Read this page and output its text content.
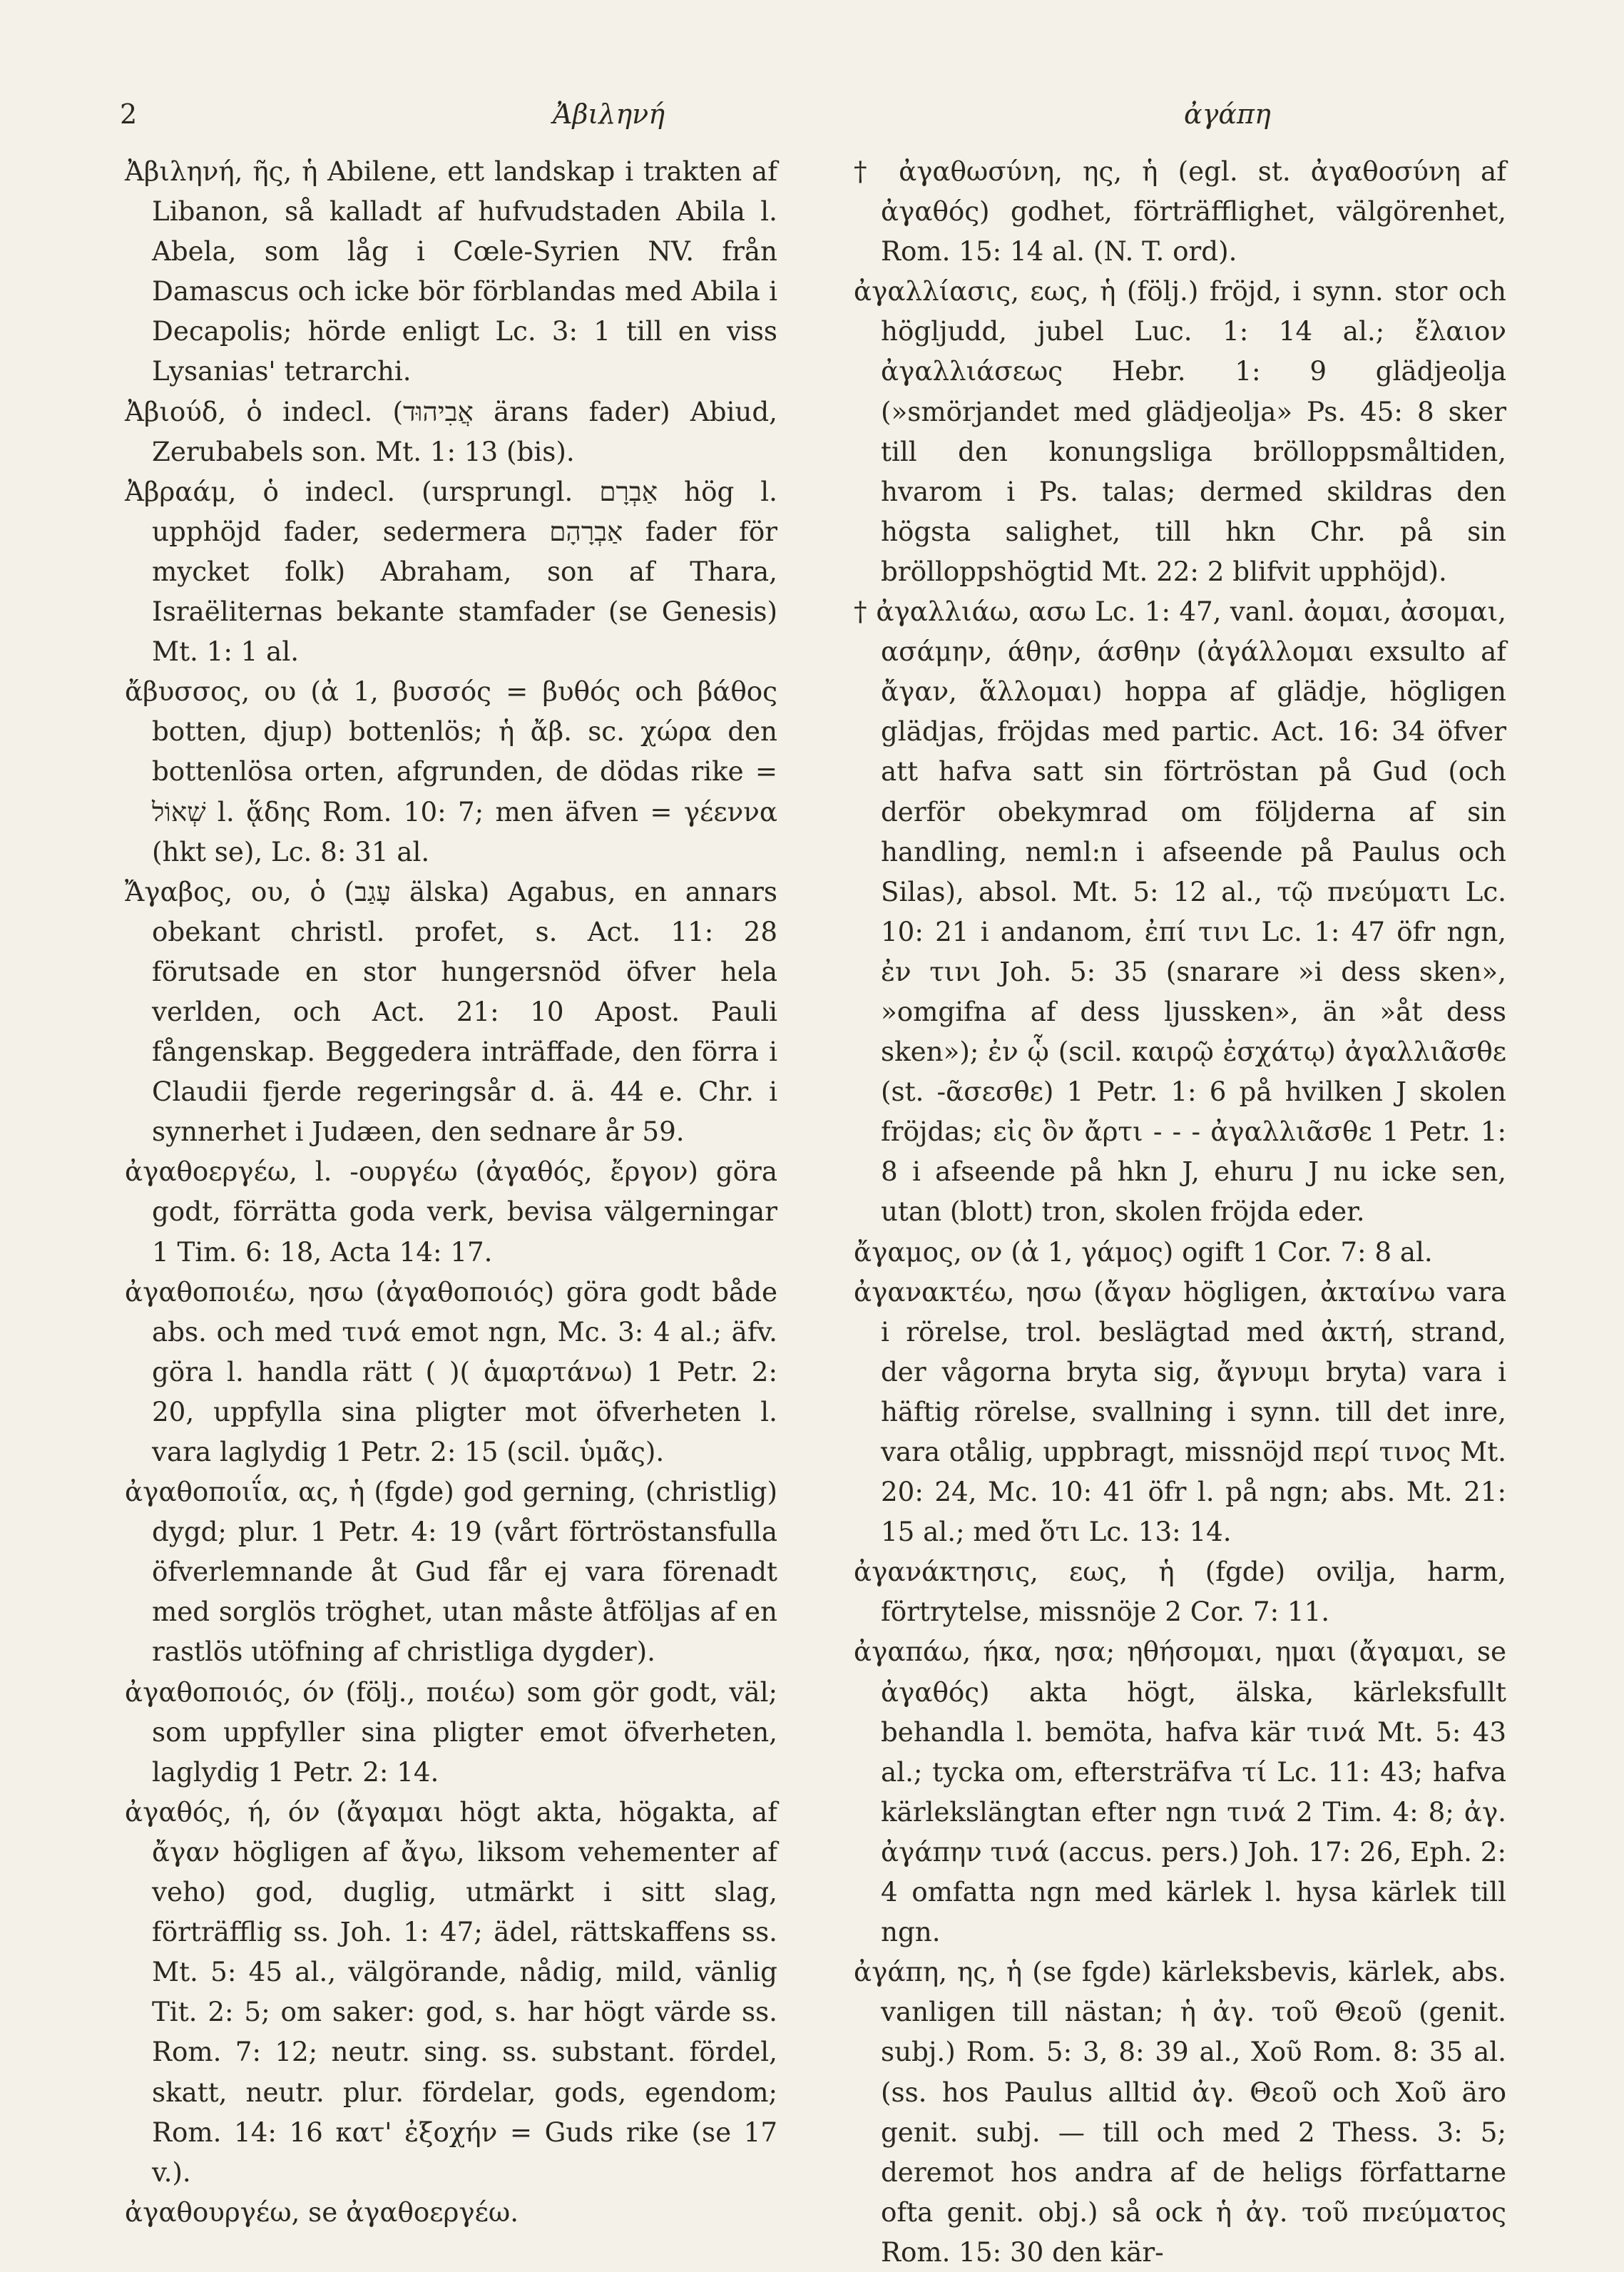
2	Ἀβιληνή	ἀγάπη

Ἀβιληνή, ῆς, ἡ Abilene, ett landskap i trakten af Libanon, så kalladt af hufvudstaden Abila l. Abela, som låg i Cœle-Syrien NV. från Damascus och icke bör förblandas med Abila i Decapolis; hörde enligt Lc. 3: 1 till en viss Lysanias' tetrarchi.

Ἀβιούδ, ὁ indecl. (אֲבִיהוּד ärans fader) Abiud, Zerubabels son. Mt. 1: 13 (bis).

Ἀβραάμ, ὁ indecl. (ursprungl. אַבְרָם hög l. upphöjd fader, sedermera אַבְרָהָם fader för mycket folk) Abraham, son af Thara, Israëliternas bekante stamfader (se Genesis) Mt. 1: 1 al.

ἄβυσσος, ου (ἀ 1, βυσσός = βυθός och βάθος botten, djup) bottenlös; ἡ ἄβ. sc. χώρα den bottenlösa orten, afgrunden, de dödas rike = שְׁאוֹל l. ᾅδης Rom. 10: 7; men äfven = γέεννα (hkt se), Lc. 8: 31 al.

Ἄγαβος, ου, ὁ (עָגַב älska) Agabus, en annars obekant christl. profet, s. Act. 11: 28 förutsade en stor hungersnöd öfver hela verlden, och Act. 21: 10 Apost. Pauli fångenskap. Beggedera inträffade, den förra i Claudii fjerde regeringsår d. ä. 44 e. Chr. i synnerhet i Judæen, den sednare år 59.

ἀγαθοεργέω, l. -ουργέω (ἀγαθός, ἔργον) göra godt, förrätta goda verk, bevisa välgerningar 1 Tim. 6: 18, Acta 14: 17.

ἀγαθοποιέω, ησω (ἀγαθοποιός) göra godt både abs. och med τινά emot ngn, Mc. 3: 4 al.; äfv. göra l. handla rätt ( )( ἁμαρτάνω) 1 Petr. 2: 20, uppfylla sina pligter mot öfverheten l. vara laglydig 1 Petr. 2: 15 (scil. ὑμᾶς).

ἀγαθοποιΐα, ας, ἡ (fgde) god gerning, (christlig) dygd; plur. 1 Petr. 4: 19 (vårt förtröstansfulla öfverlemnande åt Gud får ej vara förenadt med sorglös tröghet, utan måste åtföljas af en rastlös utöfning af christliga dygder).

ἀγαθοποιός, όν (följ., ποιέω) som gör godt, väl; som uppfyller sina pligter emot öfverheten, laglydig 1 Petr. 2: 14.

ἀγαθός, ή, όν (ἄγαμαι högt akta, högakta, af ἄγαν högligen af ἄγω, liksom vehementer af veho) god, duglig, utmärkt i sitt slag, förträfflig ss. Joh. 1: 47; ädel, rättskaffens ss. Mt. 5: 45 al., välgörande, nådig, mild, vänlig Tit. 2: 5; om saker: god, s. har högt värde ss. Rom. 7: 12; neutr. sing. ss. substant. fördel, skatt, neutr. plur. fördelar, gods, egendom; Rom. 14: 16 κατ' ἐξοχήν = Guds rike (se 17 v.).

ἀγαθουργέω, se ἀγαθοεργέω.

† ἀγαθωσύνη, ης, ἡ (egl. st. ἀγαθοσύνη af ἀγαθός) godhet, förträfflighet, välgörenhet, Rom. 15: 14 al. (N. T. ord).

ἀγαλλίασις, εως, ἡ (följ.) fröjd, i synn. stor och högljudd, jubel Luc. 1: 14 al.; ἔλαιον ἀγαλλιάσεως Hebr. 1: 9 glädjeolja (»smörjandet med glädjeolja» Ps. 45: 8 sker till den konungsliga brölloppsmåltiden, hvarom i Ps. talas; dermed skildras den högsta salighet, till hkn Chr. på sin brölloppshögtid Mt. 22: 2 blifvit upphöjd).

† ἀγαλλιάω, ασω Lc. 1: 47, vanl. ἀομαι, ἀσομαι, ασάμην, άθην, άσθην (ἀγάλλομαι exsulto af ἄγαν, ἅλλομαι) hoppa af glädje, högligen glädjas, fröjdas med partic. Act. 16: 34 öfver att hafva satt sin förtröstan på Gud (och derför obekymrad om följderna af sin handling, neml:n i afseende på Paulus och Silas), absol. Mt. 5: 12 al., τῷ πνεύματι Lc. 10: 21 i andanom, ἐπί τινι Lc. 1: 47 öfr ngn, ἐν τινι Joh. 5: 35 (snarare »i dess sken», »omgifna af dess ljussken», än »åt dess sken»); ἐν ᾧ (scil. καιρῷ ἐσχάτῳ) ἀγαλλιᾶσθε (st. -ᾶσεσθε) 1 Petr. 1: 6 på hvilken J skolen fröjdas; εἰς ὃν ἄρτι - - - ἀγαλλιᾶσθε 1 Petr. 1: 8 i afseende på hkn J, ehuru J nu icke sen, utan (blott) tron, skolen fröjda eder.

ἄγαμος, ον (ἀ 1, γάμος) ogift 1 Cor. 7: 8 al.

ἀγανακτέω, ησω (ἄγαν högligen, ἀκταίνω vara i rörelse, trol. beslägtad med ἀκτή, strand, der vågorna bryta sig, ἄγνυμι bryta) vara i häftig rörelse, svallning i synn. till det inre, vara otålig, uppbragt, missnöjd περί τινος Mt. 20: 24, Mc. 10: 41 öfr l. på ngn; abs. Mt. 21: 15 al.; med ὅτι Lc. 13: 14.

ἀγανάκτησις, εως, ἡ (fgde) ovilja, harm, förtrytelse, missnöje 2 Cor. 7: 11.

ἀγαπάω, ήκα, ησα; ηθήσομαι, ημαι (ἄγαμαι, se ἀγαθός) akta högt, älska, kärleksfullt behandla l. bemöta, hafva kär τινά Mt. 5: 43 al.; tycka om, eftersträfva τί Lc. 11: 43; hafva kärlekslängtan efter ngn τινά 2 Tim. 4: 8; ἀγ. ἀγάπην τινά (accus. pers.) Joh. 17: 26, Eph. 2: 4 omfatta ngn med kärlek l. hysa kärlek till ngn.

ἀγάπη, ης, ἡ (se fgde) kärleksbevis, kärlek, abs. vanligen till nästan; ἡ ἀγ. τοῦ Θεοῦ (genit. subj.) Rom. 5: 3, 8: 39 al., Χοῦ Rom. 8: 35 al. (ss. hos Paulus alltid ἀγ. Θεοῦ och Χοῦ äro genit. subj. — till och med 2 Thess. 3: 5; deremot hos andra af de heligs författarne ofta genit. obj.) så ock ἡ ἀγ. τοῦ πνεύματος Rom. 15: 30 den kär-
